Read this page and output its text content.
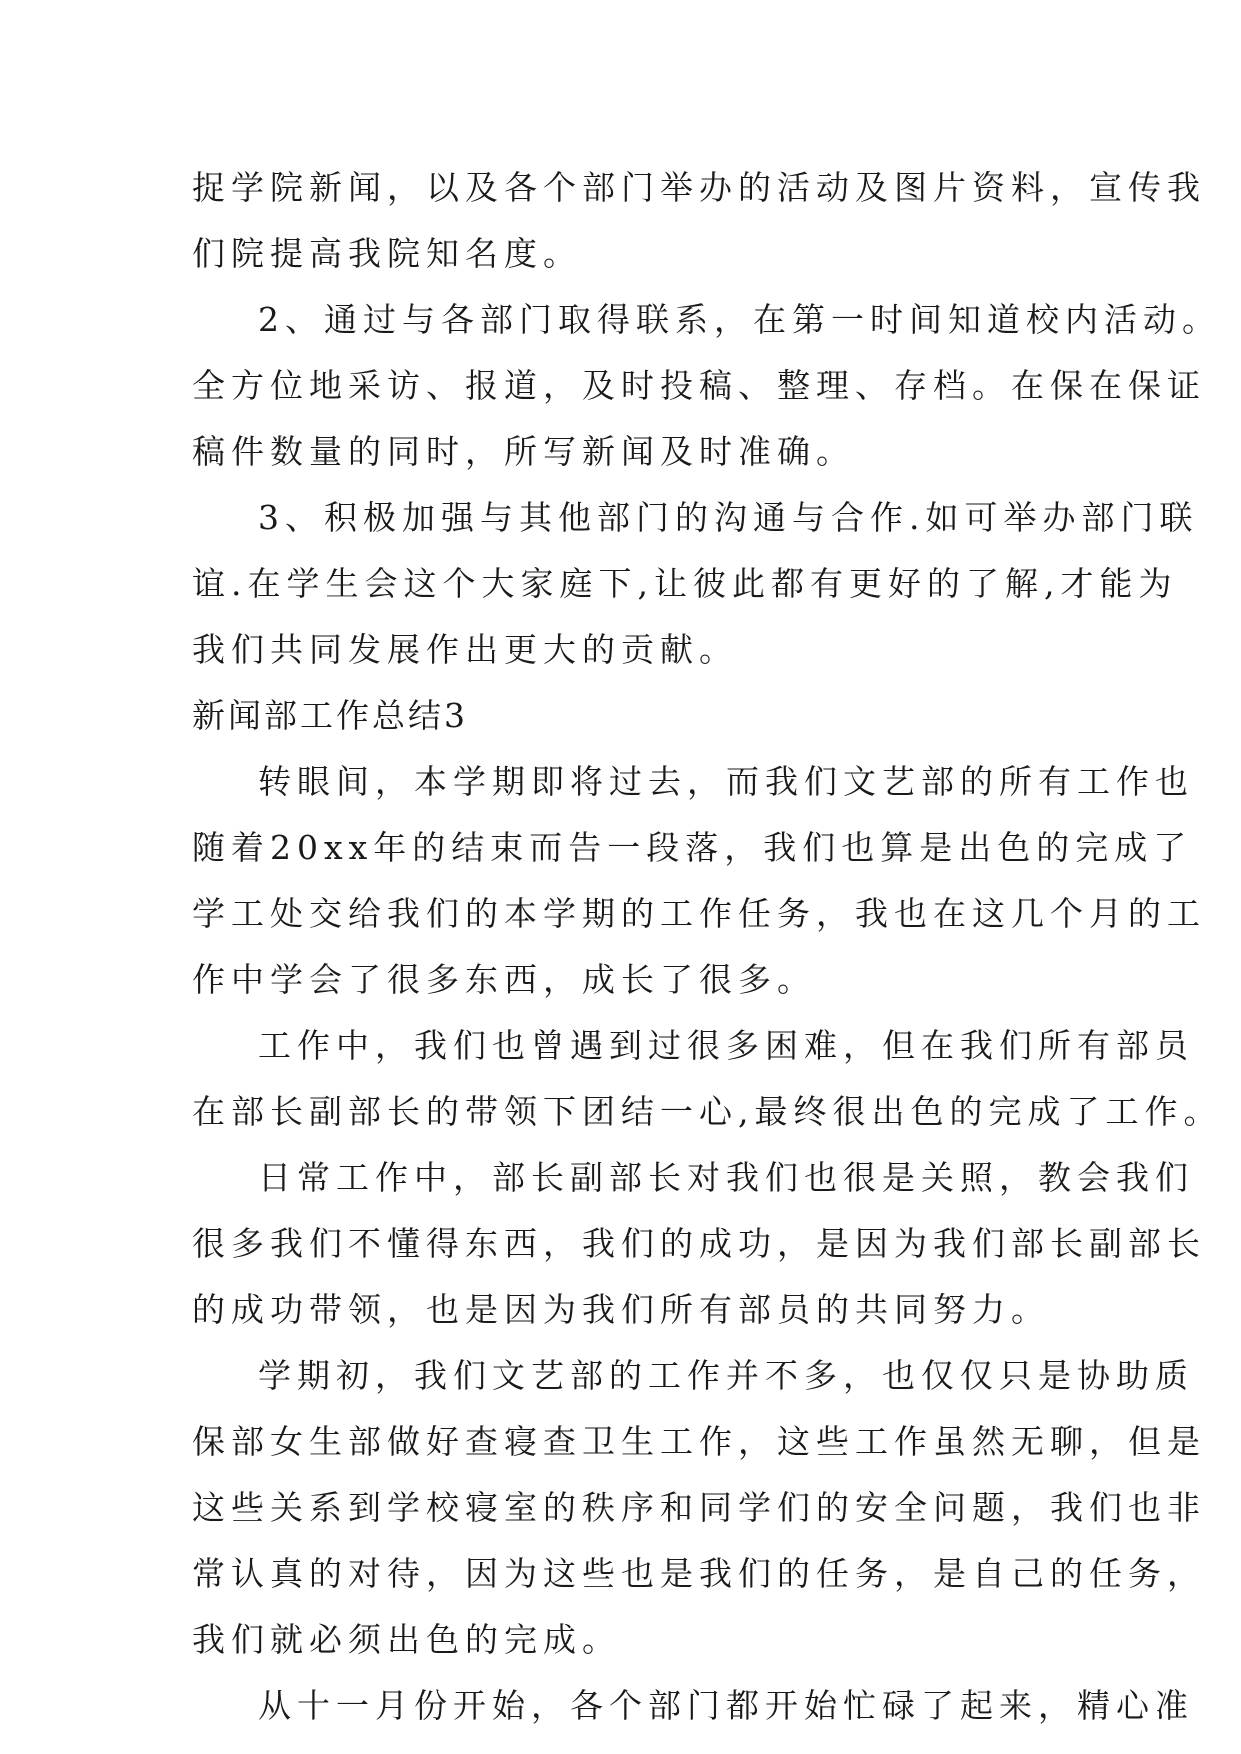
捉学院新闻，以及各个部门举办的活动及图片资料，宣传我
们院提高我院知名度。
2、通过与各部门取得联系，在第一时间知道校内活动。
全方位地采访、报道，及时投稿、整理、存档。在保在保证
稿件数量的同时，所写新闻及时准确。
3、积极加强与其他部门的沟通与合作.如可举办部门联
谊.在学生会这个大家庭下,让彼此都有更好的了解,才能为
我们共同发展作出更大的贡献。
新闻部工作总结3
转眼间，本学期即将过去，而我们文艺部的所有工作也
随着20xx年的结束而告一段落，我们也算是出色的完成了
学工处交给我们的本学期的工作任务，我也在这几个月的工
作中学会了很多东西，成长了很多。
工作中，我们也曾遇到过很多困难，但在我们所有部员
在部长副部长的带领下团结一心,最终很出色的完成了工作。
日常工作中，部长副部长对我们也很是关照，教会我们
很多我们不懂得东西，我们的成功，是因为我们部长副部长
的成功带领，也是因为我们所有部员的共同努力。
学期初，我们文艺部的工作并不多，也仅仅只是协助质
保部女生部做好查寝查卫生工作，这些工作虽然无聊，但是
这些关系到学校寝室的秩序和同学们的安全问题，我们也非
常认真的对待，因为这些也是我们的任务，是自己的任务，
我们就必须出色的完成。
从十一月份开始，各个部门都开始忙碌了起来，精心准
